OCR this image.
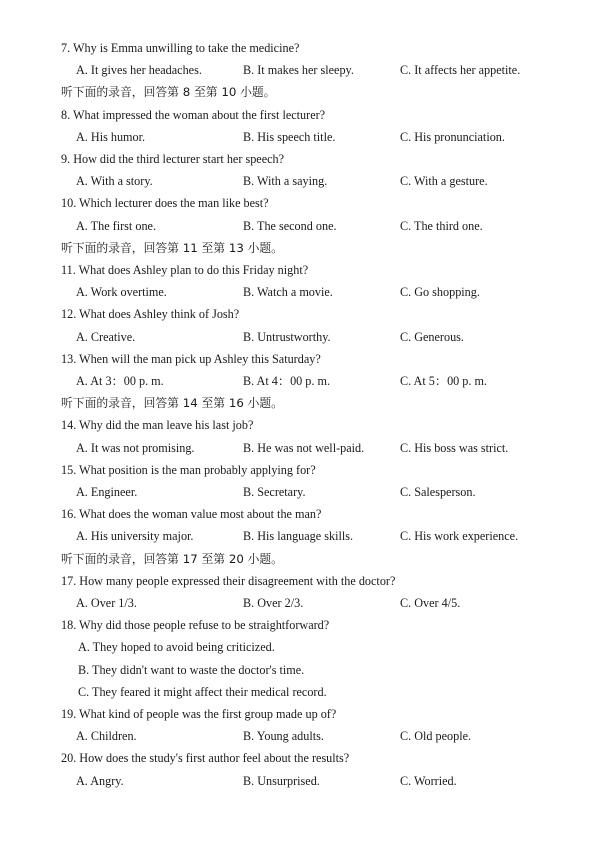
7. Why is Emma unwilling to take the medicine?
A. It gives her headaches.	B. It makes her sleepy.	C. It affects her appetite.
听下面的录音，回答第 8 至第 10 小题。
8. What impressed the woman about the first lecturer?
A. His humor.	B. His speech title.	C. His pronunciation.
9. How did the third lecturer start her speech?
A. With a story.	B. With a saying.	C. With a gesture.
10. Which lecturer does the man like best?
A. The first one.	B. The second one.	C. The third one.
听下面的录音，回答第 11 至第 13 小题。
11. What does Ashley plan to do this Friday night?
A. Work overtime.	B. Watch a movie.	C. Go shopping.
12. What does Ashley think of Josh?
A. Creative.	B. Untrustworthy.	C. Generous.
13. When will the man pick up Ashley this Saturday?
A. At 3：00 p. m.	B. At 4：00 p. m.	C. At 5：00 p. m.
听下面的录音，回答第 14 至第 16 小题。
14. Why did the man leave his last job?
A. It was not promising.	B. He was not well-paid.	C. His boss was strict.
15. What position is the man probably applying for?
A. Engineer.	B. Secretary.	C. Salesperson.
16. What does the woman value most about the man?
A. His university major.	B. His language skills.	C. His work experience.
听下面的录音，回答第 17 至第 20 小题。
17. How many people expressed their disagreement with the doctor?
A. Over 1/3.	B. Over 2/3.	C. Over 4/5.
18. Why did those people refuse to be straightforward?
A. They hoped to avoid being criticized.
B. They didn't want to waste the doctor's time.
C. They feared it might affect their medical record.
19. What kind of people was the first group made up of?
A. Children.	B. Young adults.	C. Old people.
20. How does the study's first author feel about the results?
A. Angry.	B. Unsurprised.	C. Worried.
